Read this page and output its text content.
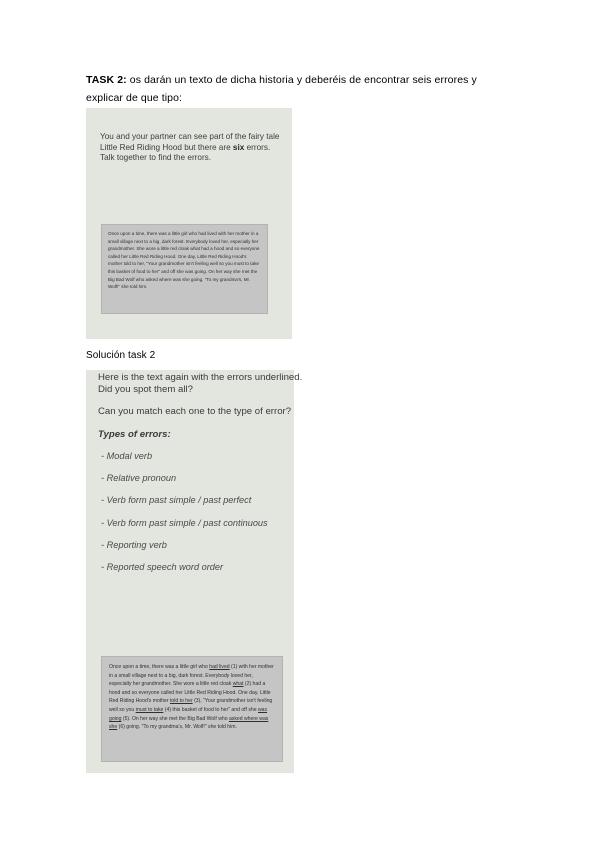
TASK 2: os darán un texto de dicha historia y deberéis de encontrar seis errores y explicar de que tipo:
You and your partner can see part of the fairy tale Little Red Riding Hood but there are six errors. Talk together to find the errors.
Once upon a time, there was a little girl who had lived with her mother in a small village next to a big, dark forest. Everybody loved her, especially her grandmother. She wore a little red cloak what had a hood and so everyone called her Little Red Riding Hood. One day, Little Red Riding Hood's mother told to her, "Your grandmother isn't feeling well so you must to take this basket of food to her" and off she was going. On her way she met the Big Bad Wolf who asked where was she going. "To my grandma's, Mr. Wolf!" she told him.
Solución task 2
Here is the text again with the errors underlined.
Did you spot them all?
Can you match each one to the type of error?
Types of errors:
- Modal verb
- Relative pronoun
- Verb form past simple / past perfect
- Verb form past simple / past continuous
- Reporting verb
- Reported speech word order
Once upon a time, there was a little girl who had lived (1) with her mother in a small village next to a big, dark forest. Everybody loved her, especially her grandmother. She wore a little red cloak what (2) had a hood and so everyone called her Little Red Riding Hood. One day, Little Red Riding Hood's mother told to her (3), "Your grandmother isn't feeling well so you must to take (4) this basket of food to her" and off she was going (5). On her way she met the Big Bad Wolf who asked where was she (6) going. "To my grandma's, Mr. Wolf!" she told him.
